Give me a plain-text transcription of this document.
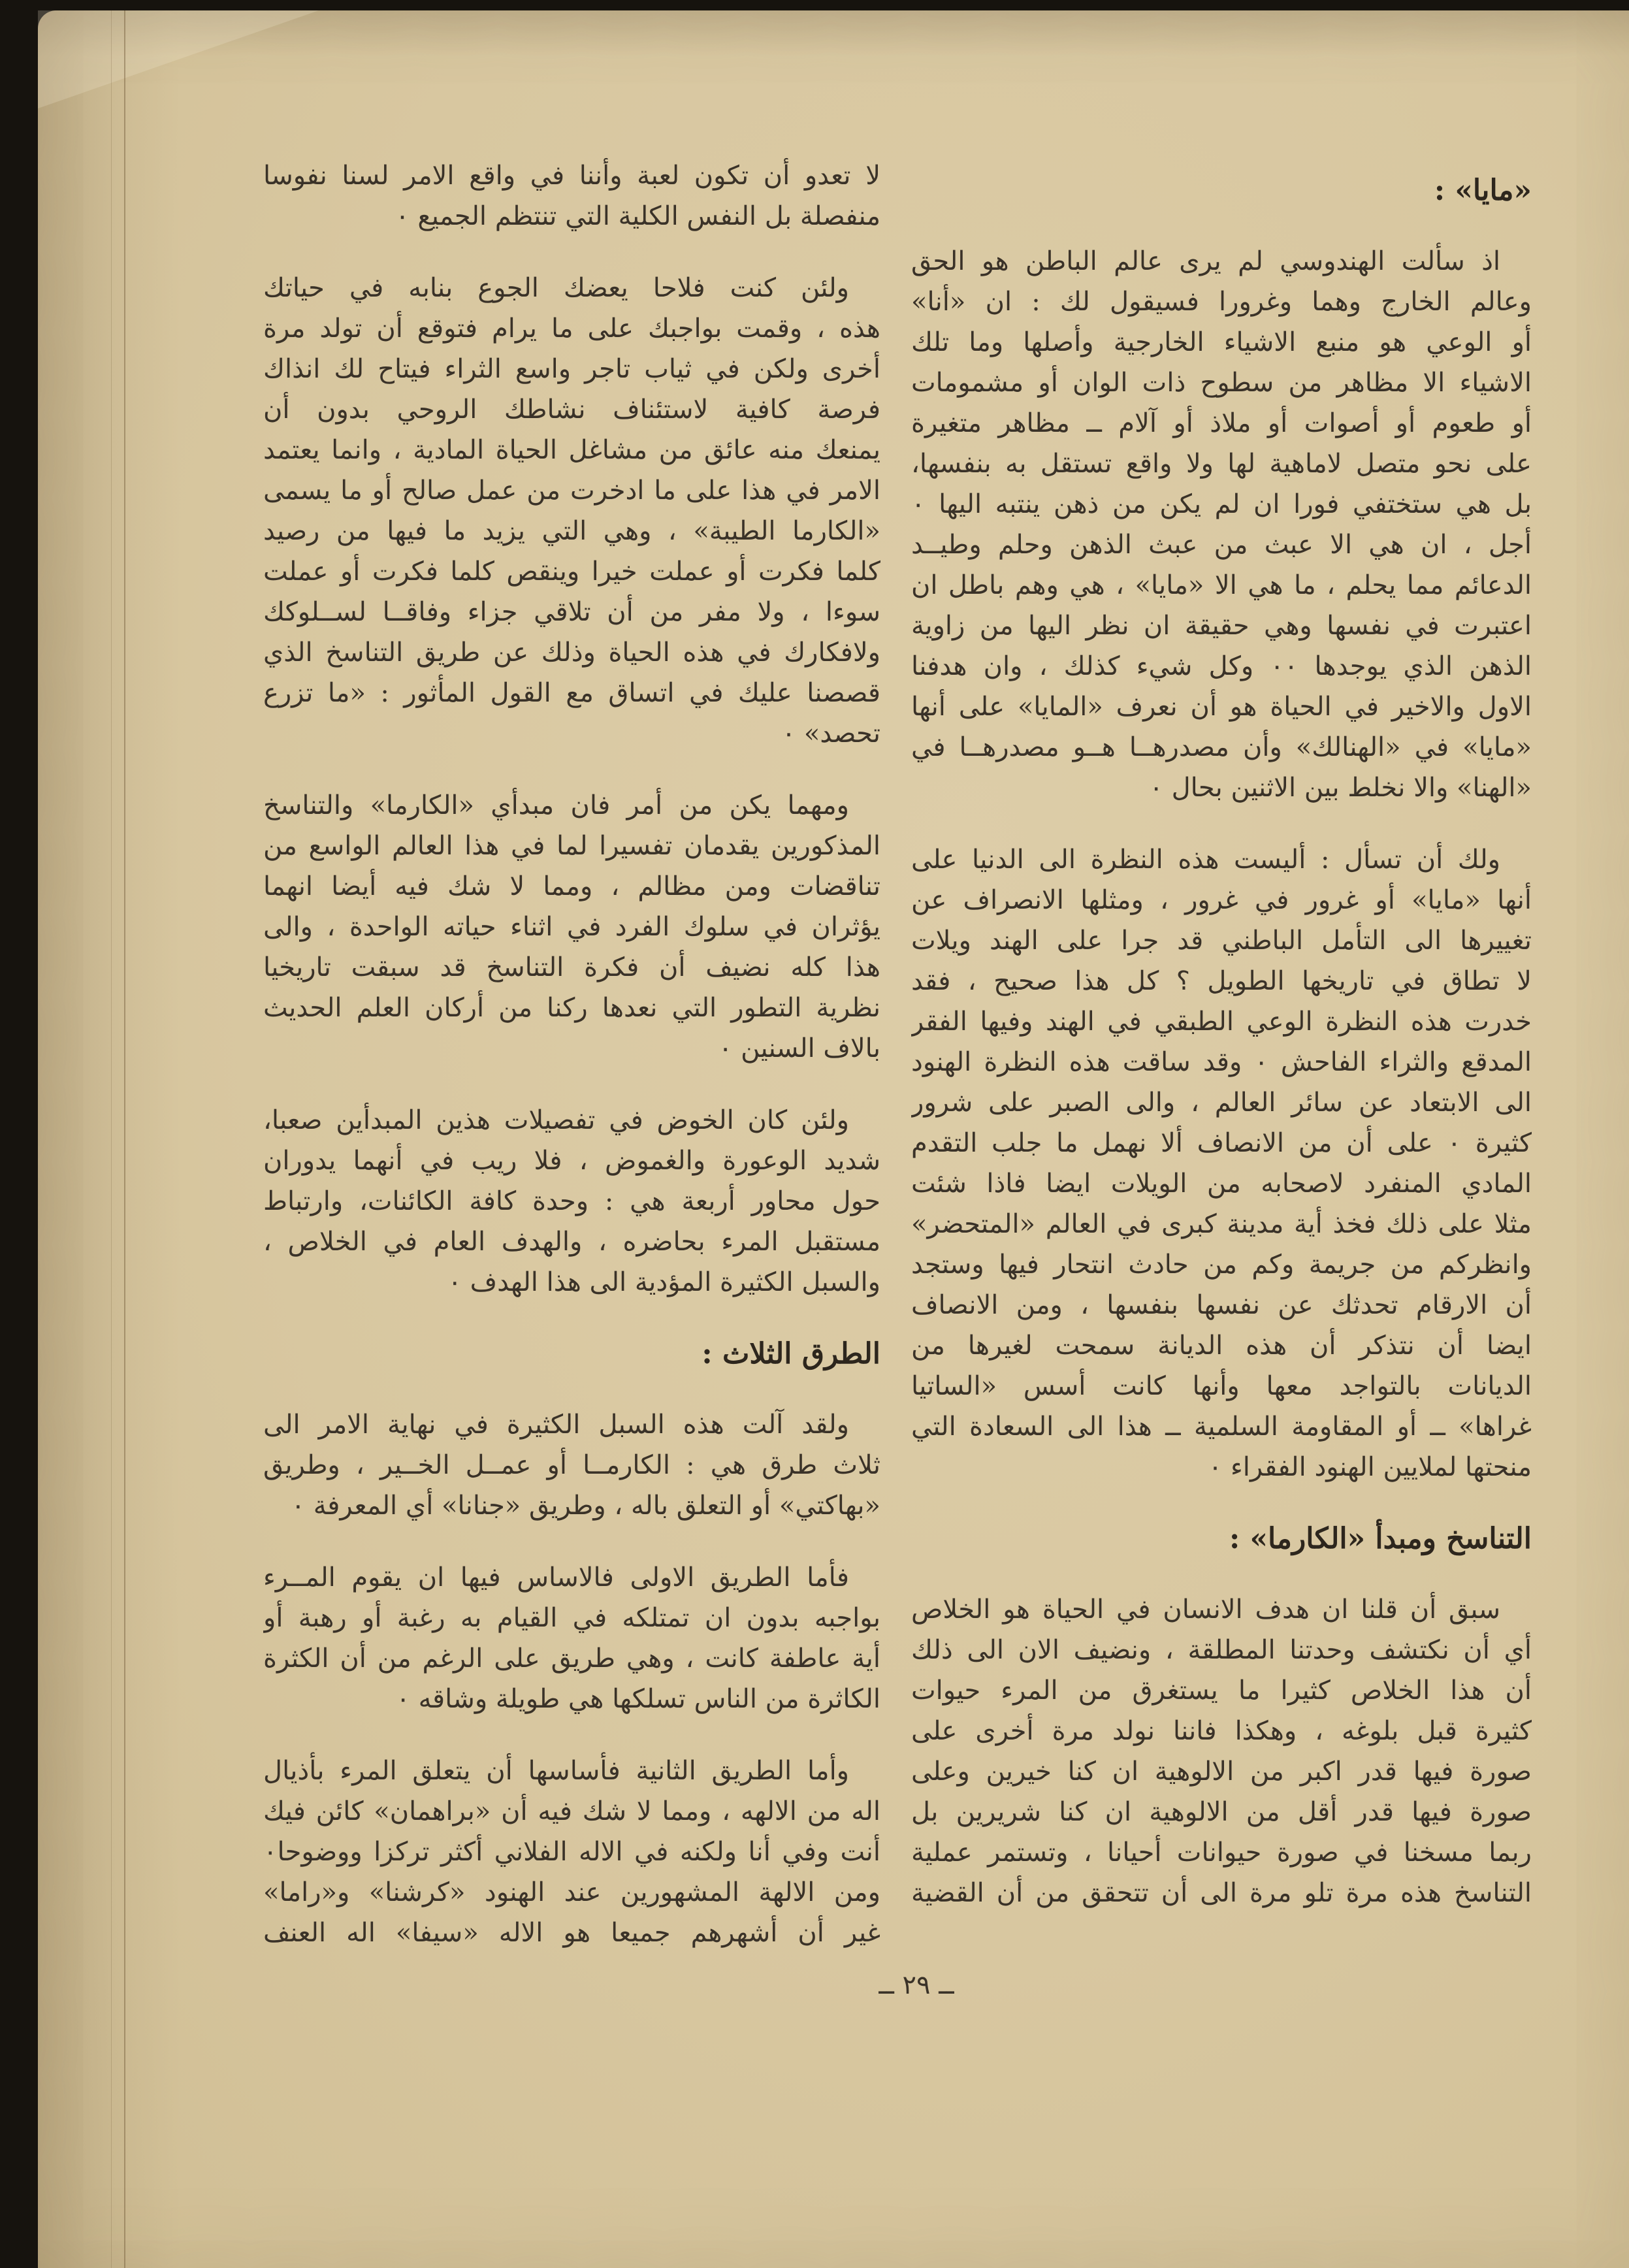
«مايا» :
اذ سألت الهندوسي لم يرى عالم الباطن هو الحق
وعالم الخارج وهما وغرورا فسيقول لك : ان «أنا»
أو الوعي هو منبع الاشياء الخارجية وأصلها وما تلك
الاشياء الا مظاهر من سطوح ذات الوان أو مشمومات
أو طعوم أو أصوات أو ملاذ أو آلام ــ مظاهر متغيرة
على نحو متصل لاماهية لها ولا واقع تستقل به بنفسها،
بل هي ستختفي فورا ان لم يكن من ذهن ينتبه اليها ٠
أجل ، ان هي الا عبث من عبث الذهن وحلم وطيــد
الدعائم مما يحلم ، ما هي الا «مايا» ، هي وهم باطل ان
اعتبرت في نفسها وهي حقيقة ان نظر اليها من زاوية
الذهن الذي يوجدها ٠٠ وكل شيء كذلك ، وان هدفنا
الاول والاخير في الحياة هو أن نعرف «المايا» على أنها
«مايا» في «الهنالك» وأن مصدرهــا هــو مصدرهــا في
«الهنا» والا نخلط بين الاثنين بحال ٠
ولك أن تسأل : أليست هذه النظرة الى الدنيا على
أنها «مايا» أو غرور في غرور ، ومثلها الانصراف عن
تغييرها الى التأمل الباطني قد جرا على الهند ويلات
لا تطاق في تاريخها الطويل ؟ كل هذا صحيح ، فقد
خدرت هذه النظرة الوعي الطبقي في الهند وفيها الفقر
المدقع والثراء الفاحش ٠ وقد ساقت هذه النظرة الهنود
الى الابتعاد عن سائر العالم ، والى الصبر على شرور
كثيرة ٠ على أن من الانصاف ألا نهمل ما جلب التقدم
المادي المنفرد لاصحابه من الويلات ايضا فاذا شئت
مثلا على ذلك فخذ أية مدينة كبرى في العالم «المتحضر»
وانظركم من جريمة وكم من حادث انتحار فيها وستجد
أن الارقام تحدثك عن نفسها بنفسها ، ومن الانصاف
ايضا أن نتذكر أن هذه الديانة سمحت لغيرها من
الديانات بالتواجد معها وأنها كانت أسس «الساتيا
غراها» ــ أو المقاومة السلمية ــ هذا الى السعادة التي
منحتها لملايين الهنود الفقراء ٠
التناسخ ومبدأ «الكارما» :
سبق أن قلنا ان هدف الانسان في الحياة هو الخلاص
أي أن نكتشف وحدتنا المطلقة ، ونضيف الان الى ذلك
أن هذا الخلاص كثيرا ما يستغرق من المرء حيوات
كثيرة قبل بلوغه ، وهكذا فاننا نولد مرة أخرى على
صورة فيها قدر اكبر من الالوهية ان كنا خيرين وعلى
صورة فيها قدر أقل من الالوهية ان كنا شريرين بل
ربما مسخنا في صورة حيوانات أحيانا ، وتستمر عملية
التناسخ هذه مرة تلو مرة الى أن تتحقق من أن القضية
لا تعدو أن تكون لعبة وأننا في واقع الامر لسنا نفوسا
منفصلة بل النفس الكلية التي تنتظم الجميع ٠
ولئن كنت فلاحا يعضك الجوع بنابه في حياتك
هذه ، وقمت بواجبك على ما يرام فتوقع أن تولد مرة
أخرى ولكن في ثياب تاجر واسع الثراء فيتاح لك انذاك
فرصة كافية لاستئناف نشاطك الروحي بدون أن
يمنعك منه عائق من مشاغل الحياة المادية ، وانما يعتمد
الامر في هذا على ما ادخرت من عمل صالح أو ما يسمى
«الكارما الطيبة» ، وهي التي يزيد ما فيها من رصيد
كلما فكرت أو عملت خيرا وينقص كلما فكرت أو عملت
سوءا ، ولا مفر من أن تلاقي جزاء وفاقــا لســلوكك
ولافكارك في هذه الحياة وذلك عن طريق التناسخ الذي
قصصنا عليك في اتساق مع القول المأثور : «ما تزرع
تحصد» ٠
ومهما يكن من أمر فان مبدأي «الكارما» والتناسخ
المذكورين يقدمان تفسيرا لما في هذا العالم الواسع من
تناقضات ومن مظالم ، ومما لا شك فيه أيضا انهما
يؤثران في سلوك الفرد في اثناء حياته الواحدة ، والى
هذا كله نضيف أن فكرة التناسخ قد سبقت تاريخيا
نظرية التطور التي نعدها ركنا من أركان العلم الحديث
بالاف السنين ٠
ولئن كان الخوض في تفصيلات هذين المبدأين صعبا،
شديد الوعورة والغموض ، فلا ريب في أنهما يدوران
حول محاور أربعة هي : وحدة كافة الكائنات، وارتباط
مستقبل المرء بحاضره ، والهدف العام في الخلاص ،
والسبل الكثيرة المؤدية الى هذا الهدف ٠
الطرق الثلاث :
ولقد آلت هذه السبل الكثيرة في نهاية الامر الى
ثلاث طرق هي : الكارمــا أو عمــل الخــير ، وطريق
«بهاكتي» أو التعلق باله ، وطريق «جنانا» أي المعرفة ٠
فأما الطريق الاولى فالاساس فيها ان يقوم المــرء
بواجبه بدون ان تمتلكه في القيام به رغبة أو رهبة أو
أية عاطفة كانت ، وهي طريق على الرغم من أن الكثرة
الكاثرة من الناس تسلكها هي طويلة وشاقه ٠
وأما الطريق الثانية فأساسها أن يتعلق المرء بأذيال
اله من الالهه ، ومما لا شك فيه أن «براهمان» كائن فيك
أنت وفي أنا ولكنه في الاله الفلاني أكثر تركزا ووضوحا٠
ومن الالهة المشهورين عند الهنود «كرشنا» و«راما»
غير أن أشهرهم جميعا هو الاله «سيفا» اله العنف
ــ ٢٩ ــ
